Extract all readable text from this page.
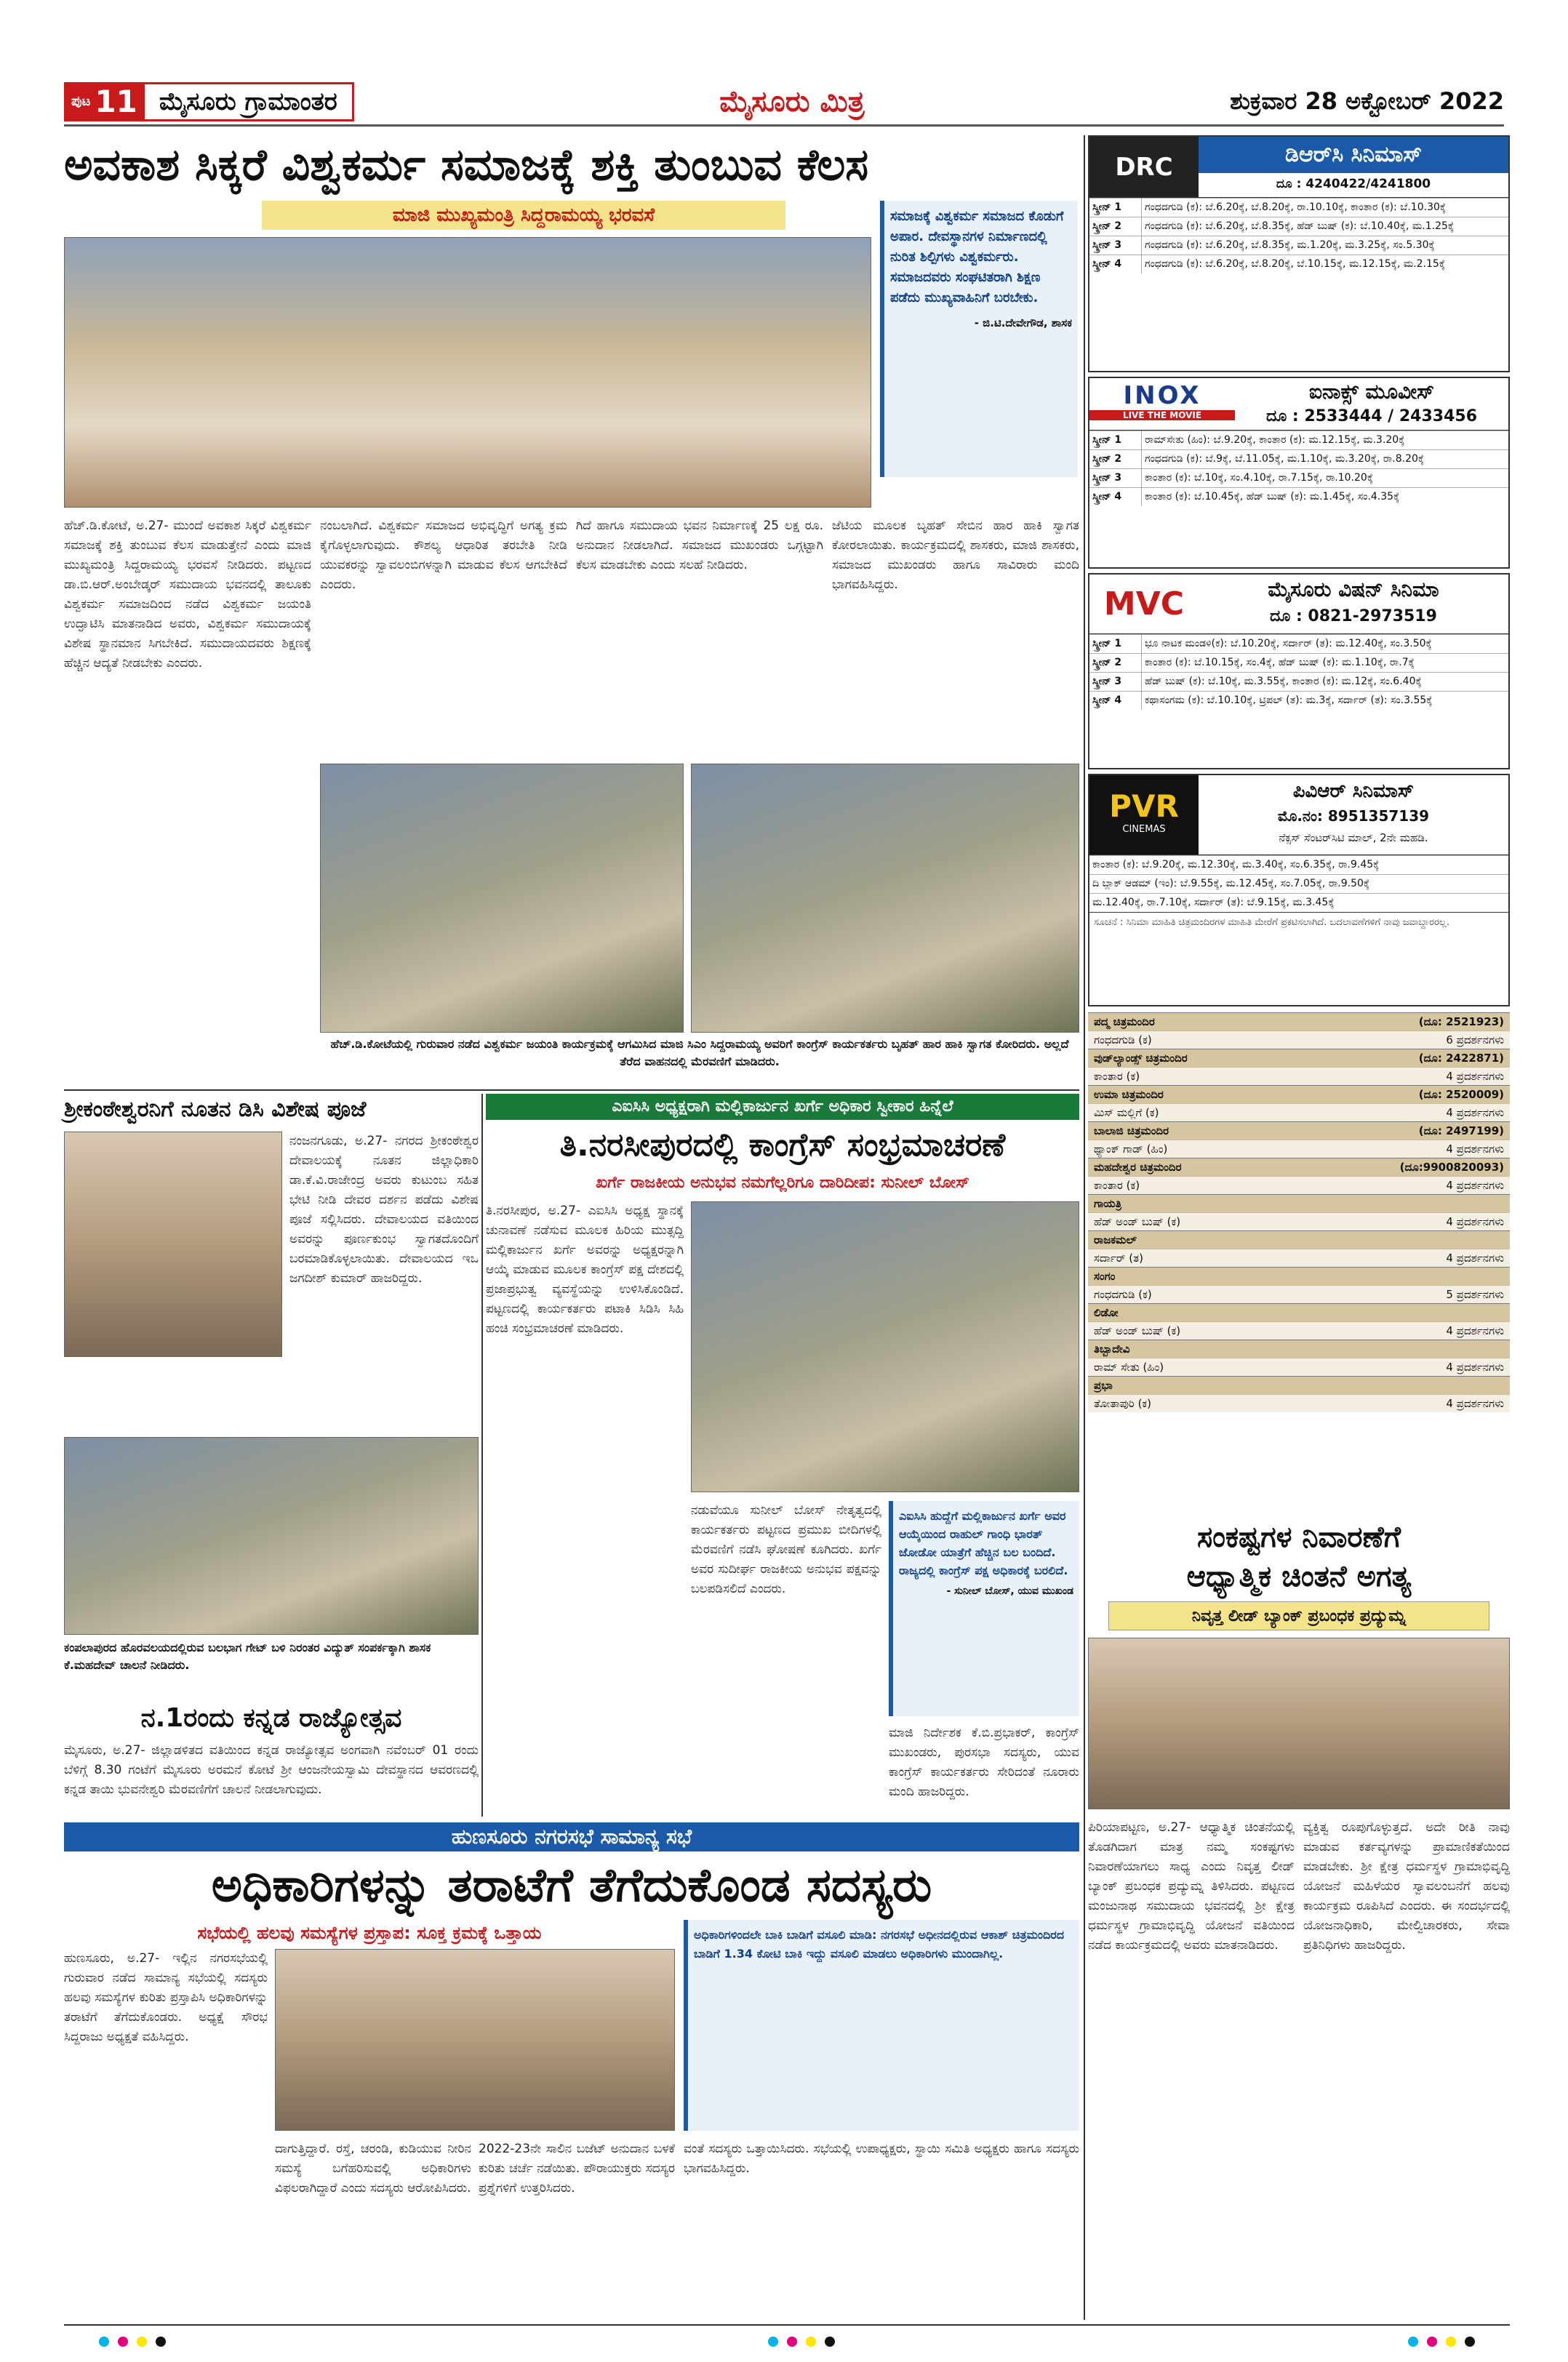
ಪುಟ 11 ಮೈಸೂರು ಗ್ರಾಮಾಂತರ	ಮೈಸೂರು ಮಿತ್ರ	ಶುಕ್ರವಾರ 28 ಅಕ್ಟೋಬರ್ 2022
ಅವಕಾಶ ಸಿಕ್ಕರೆ ವಿಶ್ವಕರ್ಮ ಸಮಾಜಕ್ಕೆ ಶಕ್ತಿ ತುಂಬುವ ಕೆಲಸ
ಮಾಜಿ ಮುಖ್ಯಮಂತ್ರಿ ಸಿದ್ದರಾಮಯ್ಯ ಭರವಸೆ	ಸಮಾಜಕ್ಕೆ ವಿಶ್ವಕರ್ಮ ಸಮಾಜದ ಕೊಡುಗೆ ಅಪಾರ. ದೇವಸ್ಥಾನಗಳ ನಿರ್ಮಾಣದಲ್ಲಿ ನುರಿತ ಶಿಲ್ಪಿಗಳು ವಿಶ್ವಕರ್ಮರು. ಸಮಾಜದವರು ಸಂಘಟಿತರಾಗಿ ಶಿಕ್ಷಣ ಪಡೆದು ಮುಖ್ಯವಾಹಿನಿಗೆ ಬರಬೇಕು.
- ಜಿ.ಟಿ.ದೇವೇಗೌಡ, ಶಾಸಕ
ಹೆಚ್.ಡಿ.ಕೋಟೆ, ಅ.27- ಮುಂದೆ ಅವಕಾಶ ಸಿಕ್ಕರೆ ವಿಶ್ವಕರ್ಮ ಸಮಾಜಕ್ಕೆ ಶಕ್ತಿ ತುಂಬುವ ಕೆಲಸ ಮಾಡುತ್ತೇನೆ ಎಂದು ಮಾಜಿ ಮುಖ್ಯಮಂತ್ರಿ ಸಿದ್ದರಾಮಯ್ಯ ಭರವಸೆ ನೀಡಿದರು. ಪಟ್ಟಣದ ಡಾ.ಬಿ.ಆರ್.ಅಂಬೇಡ್ಕರ್ ಸಮುದಾಯ ಭವನದಲ್ಲಿ ತಾಲೂಕು ವಿಶ್ವಕರ್ಮ ಸಮಾಜದಿಂದ ನಡೆದ ವಿಶ್ವಕರ್ಮ ಜಯಂತಿ ಉದ್ಘಾಟಿಸಿ ಮಾತನಾಡಿದ ಅವರು, ವಿಶ್ವಕರ್ಮ ಸಮುದಾಯಕ್ಕೆ ವಿಶೇಷ ಸ್ಥಾನಮಾನ ಸಿಗಬೇಕಿದೆ. ಸಮುದಾಯದವರು ಶಿಕ್ಷಣಕ್ಕೆ ಹೆಚ್ಚಿನ ಆದ್ಯತೆ ನೀಡಬೇಕು ಎಂದರು.
ನಂಬಲಾಗಿದೆ. ವಿಶ್ವಕರ್ಮ ಸಮಾಜದ ಅಭಿವೃದ್ಧಿಗೆ ಅಗತ್ಯ ಕ್ರಮ ಕೈಗೊಳ್ಳಲಾಗುವುದು. ಕೌಶಲ್ಯ ಆಧಾರಿತ ತರಬೇತಿ ನೀಡಿ ಯುವಕರನ್ನು ಸ್ವಾವಲಂಬಿಗಳನ್ನಾಗಿ ಮಾಡುವ ಕೆಲಸ ಆಗಬೇಕಿದೆ ಎಂದರು.
ಗಿದೆ ಹಾಗೂ ಸಮುದಾಯ ಭವನ ನಿರ್ಮಾಣಕ್ಕೆ 25 ಲಕ್ಷ ರೂ. ಅನುದಾನ ನೀಡಲಾಗಿದೆ. ಸಮಾಜದ ಮುಖಂಡರು ಒಗ್ಗಟ್ಟಾಗಿ ಕೆಲಸ ಮಾಡಬೇಕು ಎಂದು ಸಲಹೆ ನೀಡಿದರು.
ಜೆಟಿಯ ಮೂಲಕ ಬೃಹತ್ ಸೇಬಿನ ಹಾರ ಹಾಕಿ ಸ್ವಾಗತ ಕೋರಲಾಯಿತು. ಕಾರ್ಯಕ್ರಮದಲ್ಲಿ ಶಾಸಕರು, ಮಾಜಿ ಶಾಸಕರು, ಸಮಾಜದ ಮುಖಂಡರು ಹಾಗೂ ಸಾವಿರಾರು ಮಂದಿ ಭಾಗವಹಿಸಿದ್ದರು.
ಹೆಚ್.ಡಿ.ಕೋಟೆಯಲ್ಲಿ ಗುರುವಾರ ನಡೆದ ವಿಶ್ವಕರ್ಮ ಜಯಂತಿ ಕಾರ್ಯಕ್ರಮಕ್ಕೆ ಆಗಮಿಸಿದ ಮಾಜಿ ಸಿಎಂ ಸಿದ್ದರಾಮಯ್ಯ ಅವರಿಗೆ ಕಾಂಗ್ರೆಸ್ ಕಾರ್ಯಕರ್ತರು ಬೃಹತ್ ಹಾರ ಹಾಕಿ ಸ್ವಾಗತ ಕೋರಿದರು. ಅಲ್ಲದೆ ತೆರೆದ ವಾಹನದಲ್ಲಿ ಮೆರವಣಿಗೆ ಮಾಡಿದರು.
DRC	ಡಿಆರ್‌ಸಿ ಸಿನಿಮಾಸ್
ದೂ : 4240422/4241800
ಸ್ಕ್ರೀನ್ 1	ಗಂಧದಗುಡಿ (ಕ): ಬೆ.6.20ಕ್ಕೆ, ಬೆ.8.20ಕ್ಕೆ, ರಾ.10.10ಕ್ಕೆ, ಕಾಂತಾರ (ಕ): ಬೆ.10.30ಕ್ಕೆ
ಸ್ಕ್ರೀನ್ 2	ಗಂಧದಗುಡಿ (ಕ): ಬೆ.6.20ಕ್ಕೆ, ಬೆ.8.35ಕ್ಕೆ, ಹೆಡ್ ಬುಷ್ (ಕ): ಬೆ.10.40ಕ್ಕೆ, ಮ.1.25ಕ್ಕೆ
ಸ್ಕ್ರೀನ್ 3	ಗಂಧದಗುಡಿ (ಕ): ಬೆ.6.20ಕ್ಕೆ, ಬೆ.8.35ಕ್ಕೆ, ಮ.1.20ಕ್ಕೆ, ಮ.3.25ಕ್ಕೆ, ಸಂ.5.30ಕ್ಕೆ
ಸ್ಕ್ರೀನ್ 4	ಗಂಧದಗುಡಿ (ಕ): ಬೆ.6.20ಕ್ಕೆ, ಬೆ.8.20ಕ್ಕೆ, ಬೆ.10.15ಕ್ಕೆ, ಮ.12.15ಕ್ಕೆ, ಮ.2.15ಕ್ಕೆ
INOX
LIVE THE MOVIE
ಐನಾಕ್ಸ್ ಮೂವೀಸ್
ದೂ : 2533444 / 2433456
ಸ್ಕ್ರೀನ್ 1	ರಾಮ್‌ಸೇತು (ಹಿಂ): ಬೆ.9.20ಕ್ಕೆ, ಕಾಂತಾರ (ಕ): ಮ.12.15ಕ್ಕೆ, ಮ.3.20ಕ್ಕೆ
ಸ್ಕ್ರೀನ್ 2	ಗಂಧದಗುಡಿ (ಕ): ಬೆ.9ಕ್ಕೆ, ಬೆ.11.05ಕ್ಕೆ, ಮ.1.10ಕ್ಕೆ, ಮ.3.20ಕ್ಕೆ, ರಾ.8.20ಕ್ಕೆ
ಸ್ಕ್ರೀನ್ 3	ಕಾಂತಾರ (ಕ): ಬೆ.10ಕ್ಕೆ, ಸಂ.4.10ಕ್ಕೆ, ರಾ.7.15ಕ್ಕೆ, ರಾ.10.20ಕ್ಕೆ
ಸ್ಕ್ರೀನ್ 4	ಕಾಂತಾರ (ಕ): ಬೆ.10.45ಕ್ಕೆ, ಹೆಡ್ ಬುಷ್ (ಕ): ಮ.1.45ಕ್ಕೆ, ಸಂ.4.35ಕ್ಕೆ
MVC	ಮೈಸೂರು ವಿಷನ್ ಸಿನಿಮಾ
ದೂ : 0821-2973519
ಸ್ಕ್ರೀನ್ 1	ಭೂ ನಾಟಕ ಮಂಡಳಿ(ಕ): ಬೆ.10.20ಕ್ಕೆ, ಸರ್ದಾರ್ (ತ): ಮ.12.40ಕ್ಕೆ, ಸಂ.3.50ಕ್ಕೆ
ಸ್ಕ್ರೀನ್ 2	ಕಾಂತಾರ (ಕ): ಬೆ.10.15ಕ್ಕೆ, ಸಂ.4ಕ್ಕೆ, ಹೆಡ್ ಬುಷ್ (ಕ): ಮ.1.10ಕ್ಕೆ, ರಾ.7ಕ್ಕೆ
ಸ್ಕ್ರೀನ್ 3	ಹೆಡ್ ಬುಷ್ (ಕ): ಬೆ.10ಕ್ಕೆ, ಮ.3.55ಕ್ಕೆ, ಕಾಂತಾರ (ಕ): ಮ.12ಕ್ಕೆ, ಸಂ.6.40ಕ್ಕೆ
ಸ್ಕ್ರೀನ್ 4	ಕಥಾಸಂಗಮ (ಕ): ಬೆ.10.10ಕ್ಕೆ, ಟ್ರಿಪಲ್ (ತ): ಮ.3ಕ್ಕೆ, ಸರ್ದಾರ್ (ತ): ಸಂ.3.55ಕ್ಕೆ
PVR
CINEMAS
ಪಿವಿಆರ್ ಸಿನಿಮಾಸ್
ಮೊ.ನಂ: 8951357139
ನೆಕ್ಸಸ್ ಸೆಂಟರ್‌ಸಿಟಿ ಮಾಲ್, 2ನೇ ಮಹಡಿ.
ಕಾಂತಾರ (ಕ): ಬೆ.9.20ಕ್ಕೆ, ಮ.12.30ಕ್ಕೆ, ಮ.3.40ಕ್ಕೆ, ಸಂ.6.35ಕ್ಕೆ, ರಾ.9.45ಕ್ಕೆ
ದಿ ಬ್ಲಾಕ್ ಆಡಮ್ (ಇಂ): ಬೆ.9.55ಕ್ಕೆ, ಮ.12.45ಕ್ಕೆ, ಸಂ.7.05ಕ್ಕೆ, ರಾ.9.50ಕ್ಕೆ
ಮ.12.40ಕ್ಕೆ, ರಾ.7.10ಕ್ಕೆ, ಸರ್ದಾರ್ (ತ): ಬೆ.9.15ಕ್ಕೆ, ಮ.3.45ಕ್ಕೆ
ಸೂಚನೆ : ಸಿನಿಮಾ ಮಾಹಿತಿ ಚಿತ್ರಮಂದಿರಗಳ ಮಾಹಿತಿ ಮೇರೆಗೆ ಪ್ರಕಟಿಸಲಾಗಿದೆ. ಬದಲಾವಣೆಗಳಿಗೆ ನಾವು ಜವಾಬ್ದಾರರಲ್ಲ.
ಪದ್ಮ ಚಿತ್ರಮಂದಿರ	(ದೂ: 2521923)
ಗಂಧದಗುಡಿ (ಕ)	6 ಪ್ರದರ್ಶನಗಳು
ವುಡ್‌ಲ್ಯಾಂಡ್ಸ್ ಚಿತ್ರಮಂದಿರ	(ದೂ: 2422871)
ಕಾಂತಾರ (ಕ)	4 ಪ್ರದರ್ಶನಗಳು
ಉಮಾ ಚಿತ್ರಮಂದಿರ	(ದೂ: 2520009)
ಮಿಸ್ ಮಲ್ಲಿಗೆ (ಕ)	4 ಪ್ರದರ್ಶನಗಳು
ಬಾಲಾಜಿ ಚಿತ್ರಮಂದಿರ	(ದೂ: 2497199)
ಥ್ಯಾಂಕ್ ಗಾಡ್ (ಹಿಂ)	4 ಪ್ರದರ್ಶನಗಳು
ಮಹದೇಶ್ವರ ಚಿತ್ರಮಂದಿರ	(ದೂ:9900820093)
ಕಾಂತಾರ (ಕ)	4 ಪ್ರದರ್ಶನಗಳು
ಗಾಯತ್ರಿ
ಹೆಡ್ ಅಂಡ್ ಬುಷ್ (ಕ)	4 ಪ್ರದರ್ಶನಗಳು
ರಾಜಕಮಲ್
ಸರ್ದಾರ್ (ತ)	4 ಪ್ರದರ್ಶನಗಳು
ಸಂಗಂ
ಗಂಧದಗುಡಿ (ಕ)	5 ಪ್ರದರ್ಶನಗಳು
ಲಿಡೋ
ಹೆಡ್ ಅಂಡ್ ಬುಷ್ (ಕ)	4 ಪ್ರದರ್ಶನಗಳು
ತಿಬ್ಬಾದೇವಿ
ರಾಮ್ ಸೇತು (ಹಿಂ)	4 ಪ್ರದರ್ಶನಗಳು
ಪ್ರಭಾ
ತೋತಾಪುರಿ (ಕ)	4 ಪ್ರದರ್ಶನಗಳು
ಸಂಕಷ್ಟಗಳ ನಿವಾರಣೆಗೆ
ಆಧ್ಯಾತ್ಮಿಕ ಚಿಂತನೆ ಅಗತ್ಯ
ನಿವೃತ್ತ ಲೀಡ್ ಬ್ಯಾಂಕ್ ಪ್ರಬಂಧಕ ಪ್ರದ್ಯುಮ್ನ
ಪಿರಿಯಾಪಟ್ಟಣ, ಅ.27- ಆಧ್ಯಾತ್ಮಿಕ ಚಿಂತನೆಯಲ್ಲಿ ತೊಡಗಿದಾಗ ಮಾತ್ರ ನಮ್ಮ ಸಂಕಷ್ಟಗಳು ನಿವಾರಣೆಯಾಗಲು ಸಾಧ್ಯ ಎಂದು ನಿವೃತ್ತ ಲೀಡ್ ಬ್ಯಾಂಕ್ ಪ್ರಬಂಧಕ ಪ್ರದ್ಯುಮ್ನ ತಿಳಿಸಿದರು. ಪಟ್ಟಣದ ಮಂಜುನಾಥ ಸಮುದಾಯ ಭವನದಲ್ಲಿ ಶ್ರೀ ಕ್ಷೇತ್ರ ಧರ್ಮಸ್ಥಳ ಗ್ರಾಮಾಭಿವೃದ್ಧಿ ಯೋಜನೆ ವತಿಯಿಂದ ನಡೆದ ಕಾರ್ಯಕ್ರಮದಲ್ಲಿ ಅವರು ಮಾತನಾಡಿದರು.
ವ್ಯಕ್ತಿತ್ವ ರೂಪುಗೊಳ್ಳುತ್ತದೆ. ಅದೇ ರೀತಿ ನಾವು ಮಾಡುವ ಕರ್ತವ್ಯಗಳನ್ನು ಪ್ರಾಮಾಣಿಕತೆಯಿಂದ ಮಾಡಬೇಕು. ಶ್ರೀ ಕ್ಷೇತ್ರ ಧರ್ಮಸ್ಥಳ ಗ್ರಾಮಾಭಿವೃದ್ಧಿ ಯೋಜನೆ ಮಹಿಳೆಯರ ಸ್ವಾವಲಂಬನೆಗೆ ಹಲವು ಕಾರ್ಯಕ್ರಮ ರೂಪಿಸಿದೆ ಎಂದರು. ಈ ಸಂದರ್ಭದಲ್ಲಿ ಯೋಜನಾಧಿಕಾರಿ, ಮೇಲ್ವಿಚಾರಕರು, ಸೇವಾ ಪ್ರತಿನಿಧಿಗಳು ಹಾಜರಿದ್ದರು.
ಶ್ರೀಕಂಠೇಶ್ವರನಿಗೆ ನೂತನ ಡಿಸಿ ವಿಶೇಷ ಪೂಜೆ
ನಂಜನಗೂಡು, ಅ.27- ನಗರದ ಶ್ರೀಕಂಠೇಶ್ವರ ದೇವಾಲಯಕ್ಕೆ ನೂತನ ಜಿಲ್ಲಾಧಿಕಾರಿ ಡಾ.ಕೆ.ವಿ.ರಾಜೇಂದ್ರ ಅವರು ಕುಟುಂಬ ಸಹಿತ ಭೇಟಿ ನೀಡಿ ದೇವರ ದರ್ಶನ ಪಡೆದು ವಿಶೇಷ ಪೂಜೆ ಸಲ್ಲಿಸಿದರು. ದೇವಾಲಯದ ವತಿಯಿಂದ ಅವರನ್ನು ಪೂರ್ಣಕುಂಭ ಸ್ವಾಗತದೊಂದಿಗೆ ಬರಮಾಡಿಕೊಳ್ಳಲಾಯಿತು. ದೇವಾಲಯದ ಇಒ ಜಗದೀಶ್ ಕುಮಾರ್ ಹಾಜರಿದ್ದರು.
ಕಂಪಲಾಪುರದ ಹೊರವಲಯದಲ್ಲಿರುವ ಬಲಭಾಗ ಗೇಟ್ ಬಳಿ ನಿರಂತರ ವಿದ್ಯುತ್ ಸಂಪರ್ಕಕ್ಕಾಗಿ ಶಾಸಕ ಕೆ.ಮಹದೇವ್ ಚಾಲನೆ ನೀಡಿದರು.
ನ.1ರಂದು ಕನ್ನಡ ರಾಜ್ಯೋತ್ಸವ
ಮೈಸೂರು, ಅ.27- ಜಿಲ್ಲಾಡಳಿತದ ವತಿಯಿಂದ ಕನ್ನಡ ರಾಜ್ಯೋತ್ಸವ ಅಂಗವಾಗಿ ನವೆಂಬರ್ 01 ರಂದು ಬೆಳಿಗ್ಗೆ 8.30 ಗಂಟೆಗೆ ಮೈಸೂರು ಅರಮನೆ ಕೋಟೆ ಶ್ರೀ ಆಂಜನೇಯಸ್ವಾಮಿ ದೇವಸ್ಥಾನದ ಆವರಣದಲ್ಲಿ ಕನ್ನಡ ತಾಯಿ ಭುವನೇಶ್ವರಿ ಮೆರವಣಿಗೆಗೆ ಚಾಲನೆ ನೀಡಲಾಗುವುದು.
ಎಐಸಿಸಿ ಅಧ್ಯಕ್ಷರಾಗಿ ಮಲ್ಲಿಕಾರ್ಜುನ ಖರ್ಗೆ ಅಧಿಕಾರ ಸ್ವೀಕಾರ ಹಿನ್ನೆಲೆ
ತಿ.ನರಸೀಪುರದಲ್ಲಿ ಕಾಂಗ್ರೆಸ್ ಸಂಭ್ರಮಾಚರಣೆ
ಖರ್ಗೆ ರಾಜಕೀಯ ಅನುಭವ ನಮಗೆಲ್ಲರಿಗೂ ದಾರಿದೀಪ: ಸುನೀಲ್ ಬೋಸ್
ತಿ.ನರಸೀಪುರ, ಅ.27- ಎಐಸಿಸಿ ಅಧ್ಯಕ್ಷ ಸ್ಥಾನಕ್ಕೆ ಚುನಾವಣೆ ನಡೆಸುವ ಮೂಲಕ ಹಿರಿಯ ಮುತ್ಸದ್ದಿ ಮಲ್ಲಿಕಾರ್ಜುನ ಖರ್ಗೆ ಅವರನ್ನು ಅಧ್ಯಕ್ಷರನ್ನಾಗಿ ಆಯ್ಕೆ ಮಾಡುವ ಮೂಲಕ ಕಾಂಗ್ರೆಸ್ ಪಕ್ಷ ದೇಶದಲ್ಲಿ ಪ್ರಜಾಪ್ರಭುತ್ವ ವ್ಯವಸ್ಥೆಯನ್ನು ಉಳಿಸಿಕೊಂಡಿದೆ. ಪಟ್ಟಣದಲ್ಲಿ ಕಾರ್ಯಕರ್ತರು ಪಟಾಕಿ ಸಿಡಿಸಿ ಸಿಹಿ ಹಂಚಿ ಸಂಭ್ರಮಾಚರಣೆ ಮಾಡಿದರು.
ನಡುವೆಯೂ ಸುನೀಲ್ ಬೋಸ್ ನೇತೃತ್ವದಲ್ಲಿ ಕಾರ್ಯಕರ್ತರು ಪಟ್ಟಣದ ಪ್ರಮುಖ ಬೀದಿಗಳಲ್ಲಿ ಮೆರವಣಿಗೆ ನಡೆಸಿ ಘೋಷಣೆ ಕೂಗಿದರು. ಖರ್ಗೆ ಅವರ ಸುದೀರ್ಘ ರಾಜಕೀಯ ಅನುಭವ ಪಕ್ಷವನ್ನು ಬಲಪಡಿಸಲಿದೆ ಎಂದರು.
ಎಐಸಿಸಿ ಹುದ್ದೆಗೆ ಮಲ್ಲಿಕಾರ್ಜುನ ಖರ್ಗೆ ಅವರ ಆಯ್ಕೆಯಿಂದ ರಾಹುಲ್ ಗಾಂಧಿ ಭಾರತ್ ಜೋಡೋ ಯಾತ್ರೆಗೆ ಹೆಚ್ಚಿನ ಬಲ ಬಂದಿದೆ. ರಾಜ್ಯದಲ್ಲಿ ಕಾಂಗ್ರೆಸ್ ಪಕ್ಷ ಅಧಿಕಾರಕ್ಕೆ ಬರಲಿದೆ.
- ಸುನೀಲ್ ಬೋಸ್, ಯುವ ಮುಖಂಡ
ಮಾಜಿ ನಿರ್ದೇಶಕ ಕೆ.ಬಿ.ಪ್ರಭಾಕರ್, ಕಾಂಗ್ರೆಸ್ ಮುಖಂಡರು, ಪುರಸಭಾ ಸದಸ್ಯರು, ಯುವ ಕಾಂಗ್ರೆಸ್ ಕಾರ್ಯಕರ್ತರು ಸೇರಿದಂತೆ ನೂರಾರು ಮಂದಿ ಹಾಜರಿದ್ದರು.
ಹುಣಸೂರು ನಗರಸಭೆ ಸಾಮಾನ್ಯ ಸಭೆ
ಅಧಿಕಾರಿಗಳನ್ನು ತರಾಟೆಗೆ ತೆಗೆದುಕೊಂಡ ಸದಸ್ಯರು
ಸಭೆಯಲ್ಲಿ ಹಲವು ಸಮಸ್ಯೆಗಳ ಪ್ರಸ್ತಾಪ: ಸೂಕ್ತ ಕ್ರಮಕ್ಕೆ ಒತ್ತಾಯ	ಅಧಿಕಾರಿಗಳಿಂದಲೇ ಬಾಕಿ ಬಾಡಿಗೆ ವಸೂಲಿ ಮಾಡಿ: ನಗರಸಭೆ ಅಧೀನದಲ್ಲಿರುವ ಆಕಾಶ್ ಚಿತ್ರಮಂದಿರದ ಬಾಡಿಗೆ 1.34 ಕೋಟಿ ಬಾಕಿ ಇದ್ದು ವಸೂಲಿ ಮಾಡಲು ಅಧಿಕಾರಿಗಳು ಮುಂದಾಗಿಲ್ಲ.
ಹುಣಸೂರು, ಅ.27- ಇಲ್ಲಿನ ನಗರಸಭೆಯಲ್ಲಿ ಗುರುವಾರ ನಡೆದ ಸಾಮಾನ್ಯ ಸಭೆಯಲ್ಲಿ ಸದಸ್ಯರು ಹಲವು ಸಮಸ್ಯೆಗಳ ಕುರಿತು ಪ್ರಸ್ತಾಪಿಸಿ ಅಧಿಕಾರಿಗಳನ್ನು ತರಾಟೆಗೆ ತೆಗೆದುಕೊಂಡರು. ಅಧ್ಯಕ್ಷೆ ಸೌರಭ ಸಿದ್ದರಾಜು ಅಧ್ಯಕ್ಷತೆ ವಹಿಸಿದ್ದರು.
ದಾಗುತ್ತಿದ್ದಾರೆ. ರಸ್ತೆ, ಚರಂಡಿ, ಕುಡಿಯುವ ನೀರಿನ ಸಮಸ್ಯೆ ಬಗೆಹರಿಸುವಲ್ಲಿ ಅಧಿಕಾರಿಗಳು ವಿಫಲರಾಗಿದ್ದಾರೆ ಎಂದು ಸದಸ್ಯರು ಆರೋಪಿಸಿದರು.
2022-23ನೇ ಸಾಲಿನ ಬಜೆಟ್ ಅನುದಾನ ಬಳಕೆ ಕುರಿತು ಚರ್ಚೆ ನಡೆಯಿತು. ಪೌರಾಯುಕ್ತರು ಸದಸ್ಯರ ಪ್ರಶ್ನೆಗಳಿಗೆ ಉತ್ತರಿಸಿದರು.
ವಂತೆ ಸದಸ್ಯರು ಒತ್ತಾಯಿಸಿದರು. ಸಭೆಯಲ್ಲಿ ಉಪಾಧ್ಯಕ್ಷರು, ಸ್ಥಾಯಿ ಸಮಿತಿ ಅಧ್ಯಕ್ಷರು ಹಾಗೂ ಸದಸ್ಯರು ಭಾಗವಹಿಸಿದ್ದರು.
